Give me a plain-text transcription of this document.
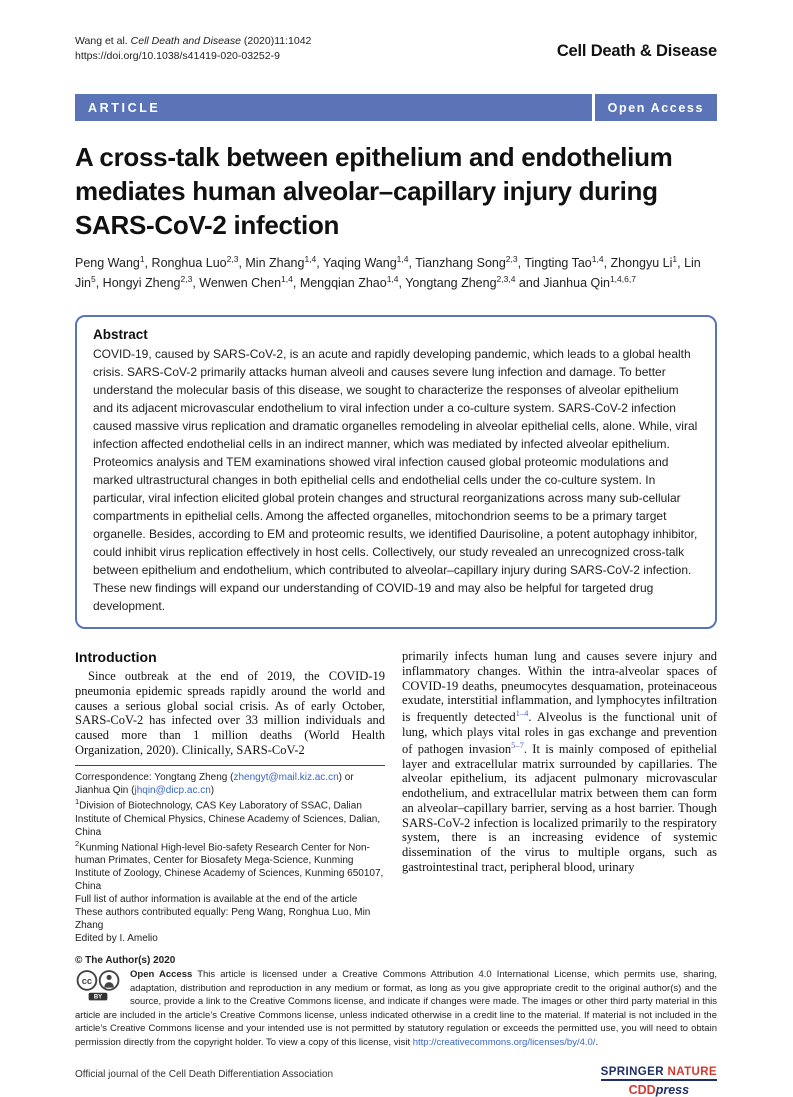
Wang et al. Cell Death and Disease (2020)11:1042
https://doi.org/10.1038/s41419-020-03252-9	Cell Death & Disease
ARTICLE	Open Access
A cross-talk between epithelium and endothelium
mediates human alveolar–capillary injury during
SARS-CoV-2 infection
Peng Wang$^1$, Ronghua Luo$^{2,3}$, Min Zhang$^{1,4}$, Yaqing Wang$^{1,4}$, Tianzhang Song$^{2,3}$, Tingting Tao$^{1,4}$, Zhongyu Li$^1$, Lin Jin$^5$, Hongyi Zheng$^{2,3}$, Wenwen Chen$^{1,4}$, Mengqian Zhao$^{1,4}$, Yongtang Zheng$^{2,3,4}$ and Jianhua Qin$^{1,4,6,7}$
Abstract

COVID-19, caused by SARS-CoV-2, is an acute and rapidly developing pandemic, which leads to a global health crisis. SARS-CoV-2 primarily attacks human alveoli and causes severe lung infection and damage. To better understand the molecular basis of this disease, we sought to characterize the responses of alveolar epithelium and its adjacent microvascular endothelium to viral infection under a co-culture system. SARS-CoV-2 infection caused massive virus replication and dramatic organelles remodeling in alveolar epithelial cells, alone. While, viral infection affected endothelial cells in an indirect manner, which was mediated by infected alveolar epithelium. Proteomics analysis and TEM examinations showed viral infection caused global proteomic modulations and marked ultrastructural changes in both epithelial cells and endothelial cells under the co-culture system. In particular, viral infection elicited global protein changes and structural reorganizations across many sub-cellular compartments in epithelial cells. Among the affected organelles, mitochondrion seems to be a primary target organelle. Besides, according to EM and proteomic results, we identified Daurisoline, a potent autophagy inhibitor, could inhibit virus replication effectively in host cells. Collectively, our study revealed an unrecognized cross-talk between epithelium and endothelium, which contributed to alveolar–capillary injury during SARS-CoV-2 infection. These new findings will expand our understanding of COVID-19 and may also be helpful for targeted drug development.

Introduction

Since outbreak at the end of 2019, the COVID-19 pneumonia epidemic spreads rapidly around the world and causes a serious global social crisis. As of early October, SARS-CoV-2 has infected over 33 million individuals and caused more than 1 million deaths (World Health Organization, 2020). Clinically, SARS-CoV-2

Correspondence: Yongtang Zheng (zhengyt@mail.kiz.ac.cn) or Jianhua Qin (jhqin@dicp.ac.cn)
$^1$Division of Biotechnology, CAS Key Laboratory of SSAC, Dalian Institute of Chemical Physics, Chinese Academy of Sciences, Dalian, China
$^2$Kunming National High-level Bio-safety Research Center for Non-human Primates, Center for Biosafety Mega-Science, Kunming Institute of Zoology, Chinese Academy of Sciences, Kunming 650107, China
Full list of author information is available at the end of the article
These authors contributed equally: Peng Wang, Ronghua Luo, Min Zhang
Edited by I. Amelio

primarily infects human lung and causes severe injury and inflammatory changes. Within the intra-alveolar spaces of COVID-19 deaths, pneumocytes desquamation, proteinaceous exudate, interstitial inflammation, and lymphocytes infiltration is frequently detected$^{1-4}$. Alveolus is the functional unit of lung, which plays vital roles in gas exchange and prevention of pathogen invasion$^{5-7}$. It is mainly composed of epithelial layer and extracellular matrix surrounded by capillaries. The alveolar epithelium, its adjacent pulmonary microvascular endothelium, and extracellular matrix between them can form an alveolar–capillary barrier, serving as a host barrier. Though SARS-CoV-2 infection is localized primarily to the respiratory system, there is an increasing evidence of systemic dissemination of the virus to multiple organs, such as gastrointestinal tract, peripheral blood, urinary

© The Author(s) 2020
cc
BY
Open Access This article is licensed under a Creative Commons Attribution 4.0 International License, which permits use, sharing, adaptation, distribution and reproduction in any medium or format, as long as you give appropriate credit to the original author(s) and the source, provide a link to the Creative Commons license, and indicate if changes were made. The images or other third party material in this article are included in the article’s Creative Commons license, unless indicated otherwise in a credit line to the material. If material is not included in the article’s Creative Commons license and your intended use is not permitted by statutory regulation or exceeds the permitted use, you will need to obtain permission directly from the copyright holder. To view a copy of this license, visit http://creativecommons.org/licenses/by/4.0/.
Official journal of the Cell Death Differentiation Association	SPRINGER NATURE
CDDpress
